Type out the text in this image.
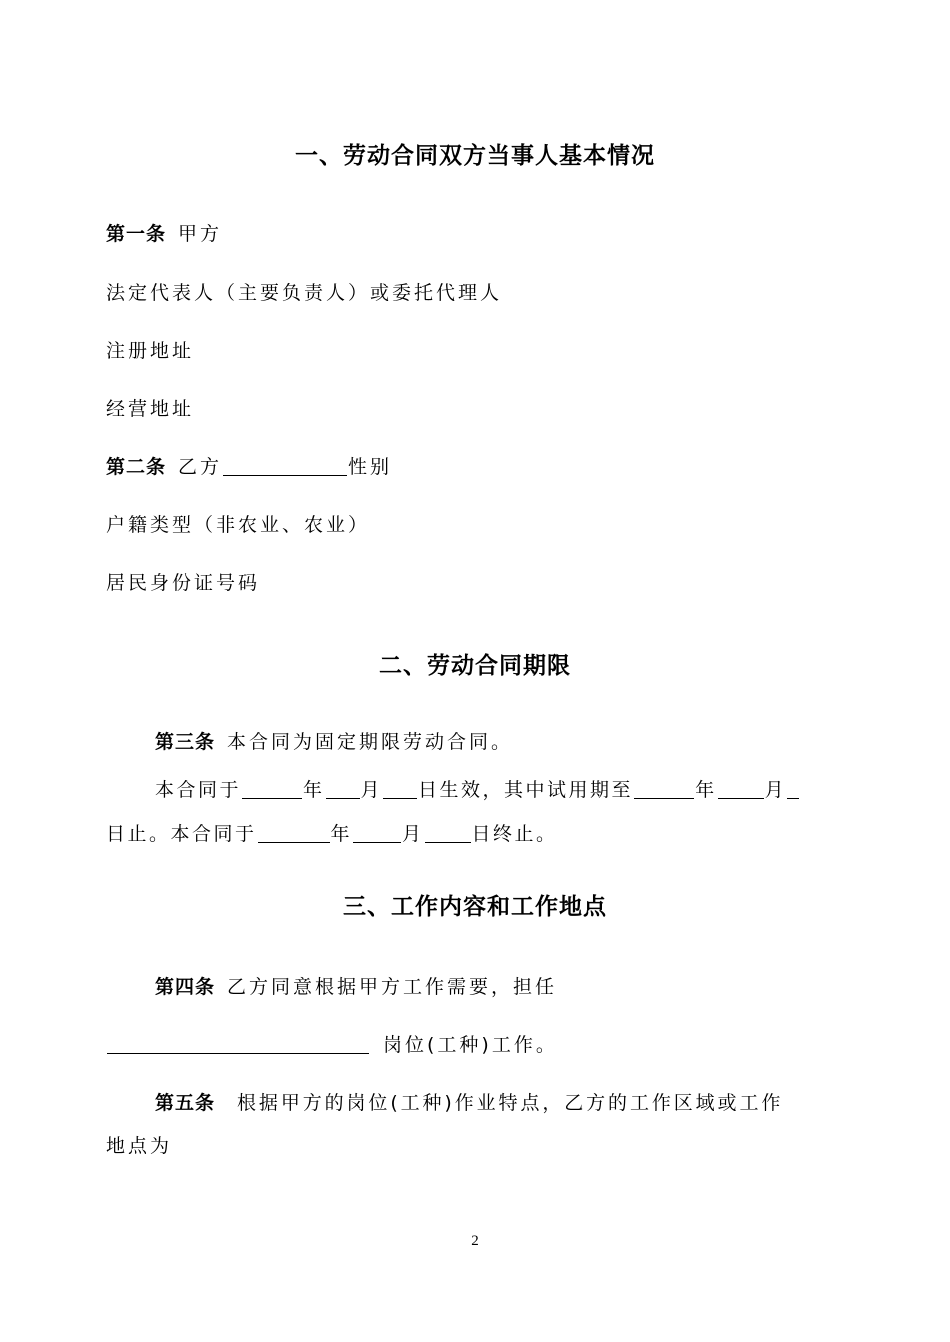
一、劳动合同双方当事人基本情况
第一条 甲方
法定代表人（主要负责人）或委托代理人
注册地址
经营地址
第二条 乙方	性别
户籍类型（非农业、农业）
居民身份证号码
二、劳动合同期限
第三条 本合同为固定期限劳动合同。
本合同于	年 月 日生效，其中试用期至	年	月
日止。本合同于	年	月	日终止。
三、工作内容和工作地点
第四条 乙方同意根据甲方工作需要，担任
岗位(工种)工作。
第五条 根据甲方的岗位(工种)作业特点，乙方的工作区域或工作
地点为
2
